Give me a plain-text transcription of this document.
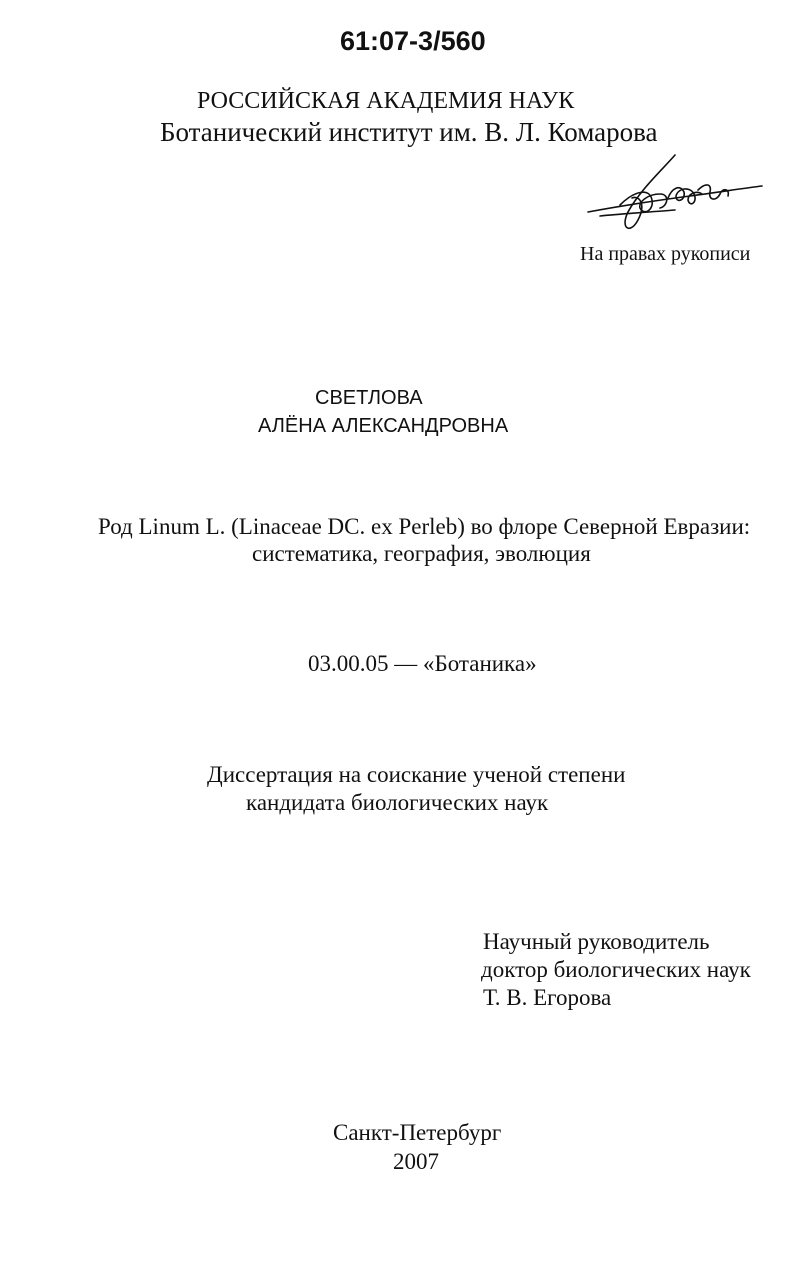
61:07-3/560
РОССИЙСКАЯ АКАДЕМИЯ НАУК
Ботанический институт им. В. Л. Комарова
На правах рукописи
СВЕТЛОВА
АЛЁНА АЛЕКСАНДРОВНА
Род Linum L. (Linaceae DC. ex Perleb) во флоре Северной Евразии:
систематика, география, эволюция
03.00.05 — «Ботаника»
Диссертация на соискание ученой степени
кандидата биологических наук
Научный руководитель
доктор биологических наук
Т. В. Егорова
Санкт-Петербург
2007
